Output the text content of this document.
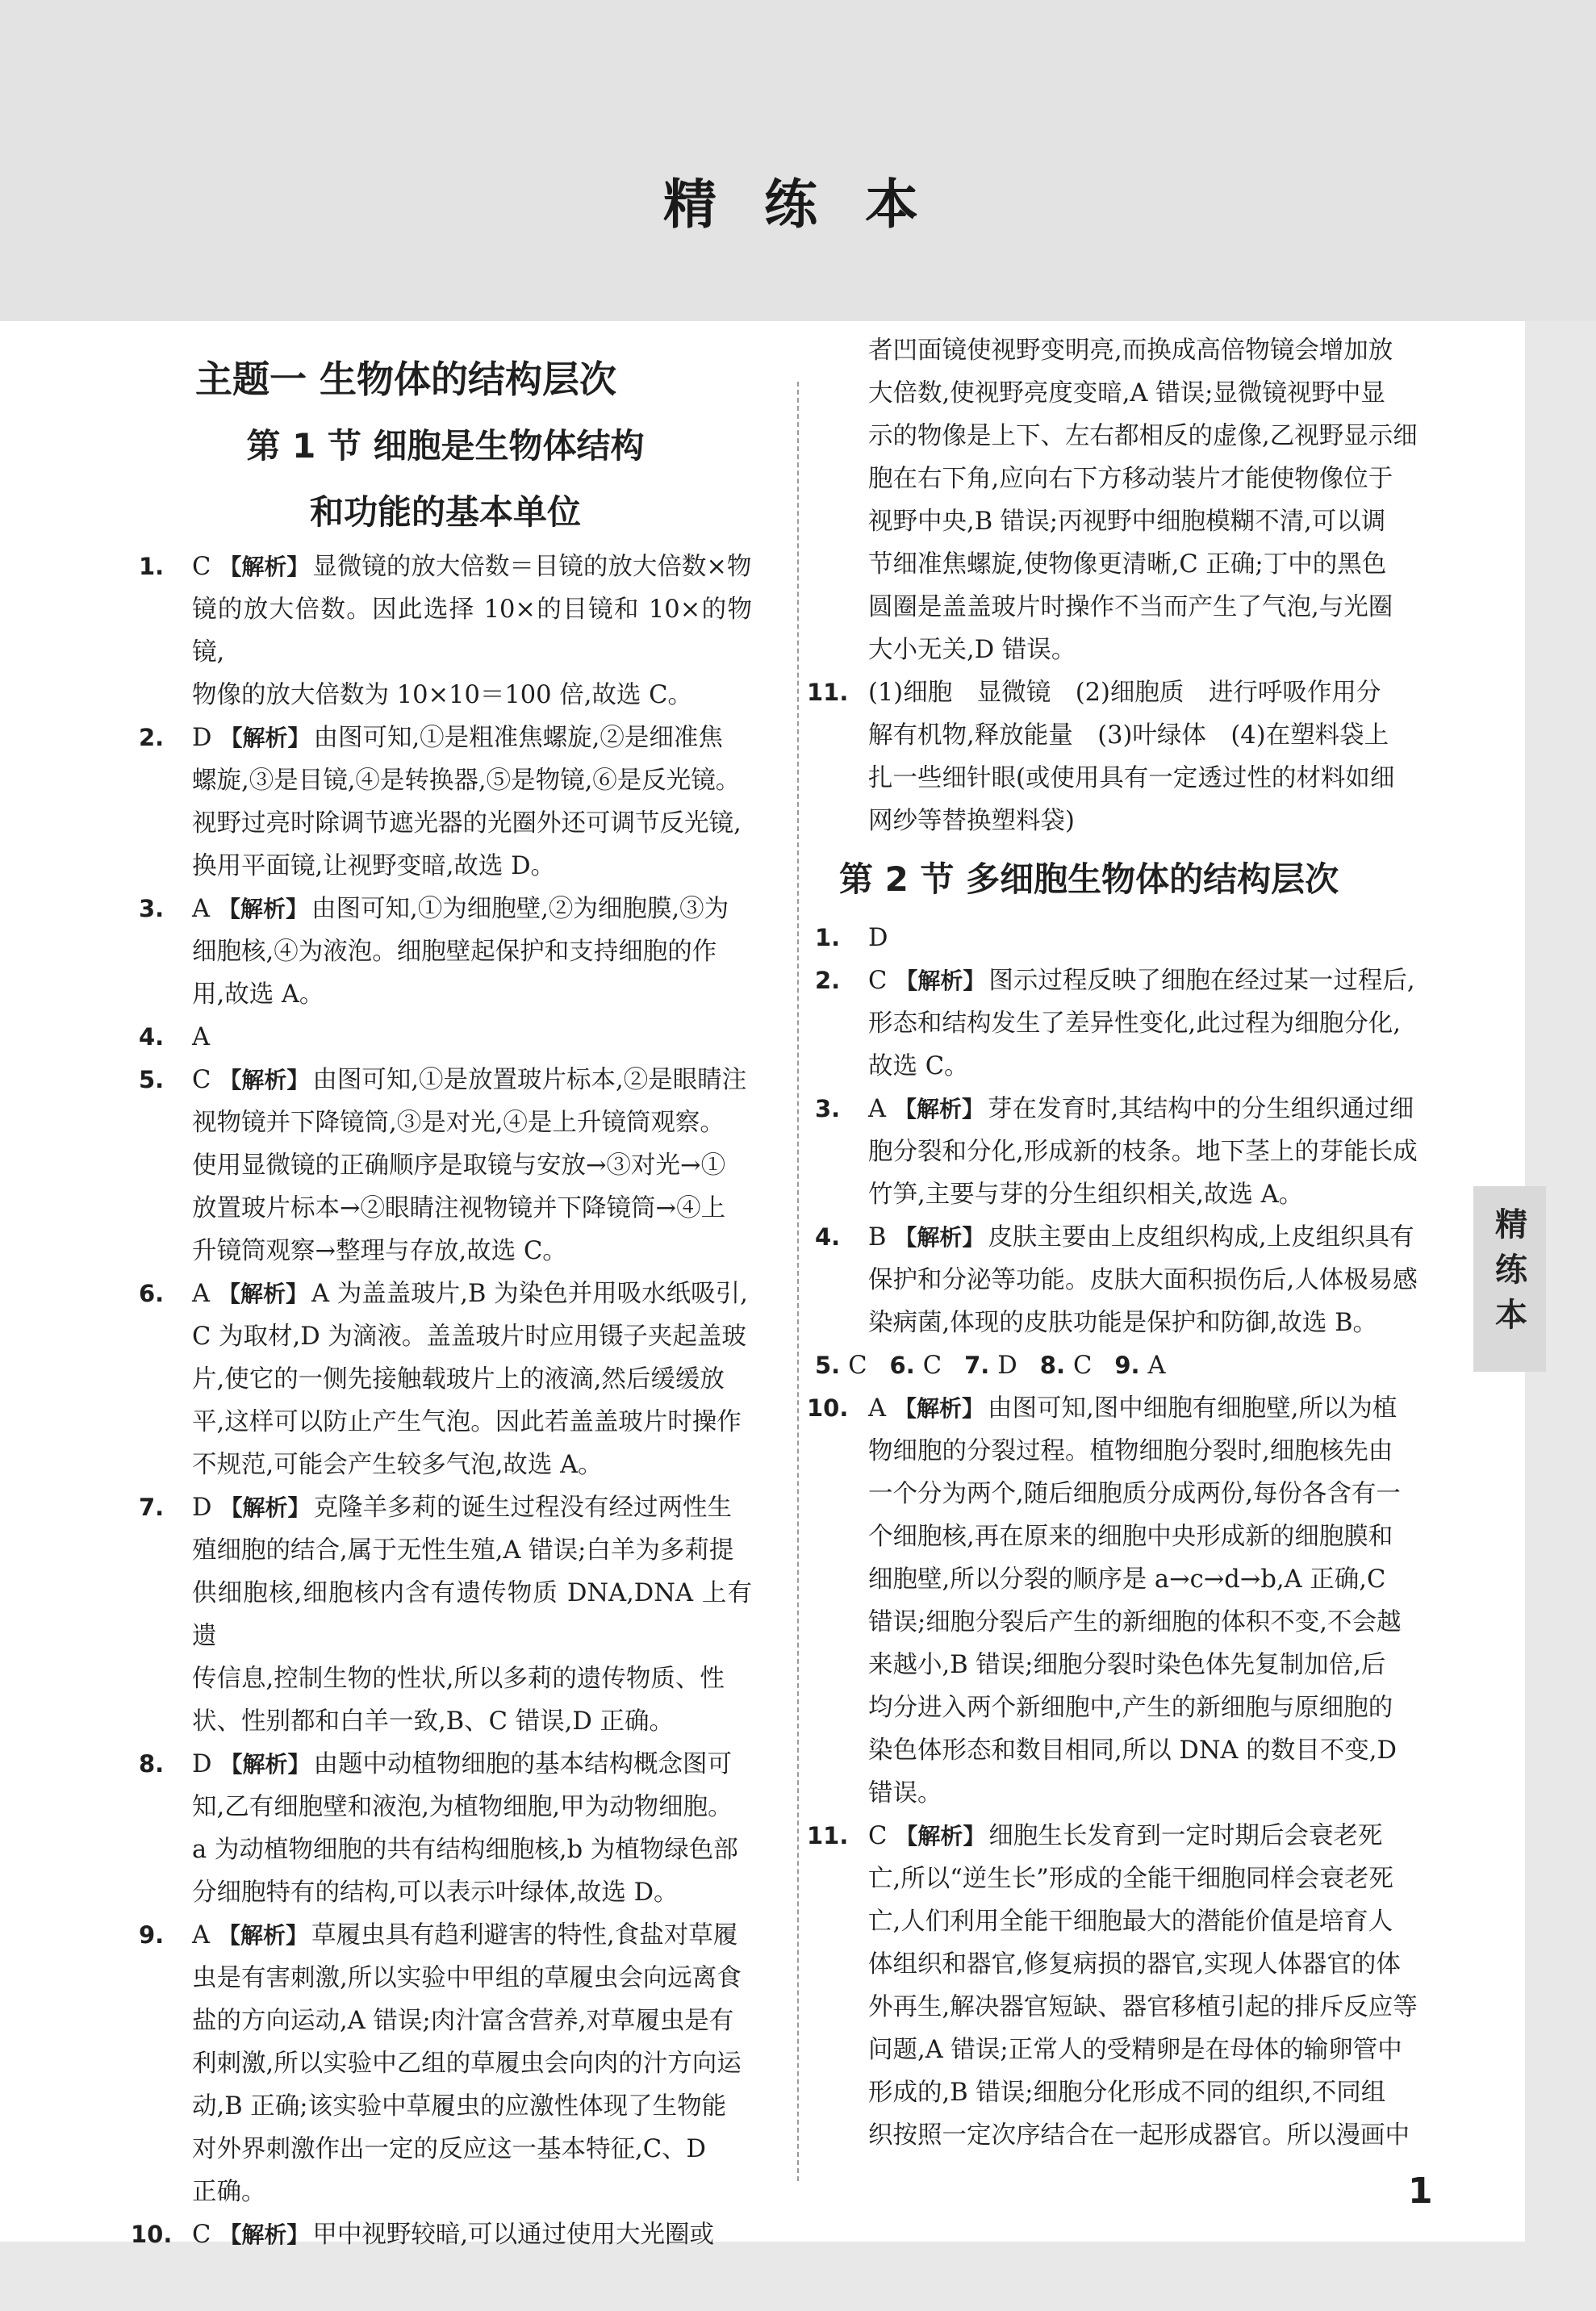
精 练 本
主题一 生物体的结构层次
第 1 节 细胞是生物体结构
和功能的基本单位
1. C 【解析】 显微镜的放大倍数＝目镜的放大倍数×物
镜的放大倍数。因此选择 10×的目镜和 10×的物镜,
物像的放大倍数为 10×10＝100 倍,故选 C。
2. D 【解析】 由图可知,①是粗准焦螺旋,②是细准焦
螺旋,③是目镜,④是转换器,⑤是物镜,⑥是反光镜。
视野过亮时除调节遮光器的光圈外还可调节反光镜,
换用平面镜,让视野变暗,故选 D。
3. A 【解析】 由图可知,①为细胞壁,②为细胞膜,③为
细胞核,④为液泡。细胞壁起保护和支持细胞的作
用,故选 A。
4. A
5. C 【解析】 由图可知,①是放置玻片标本,②是眼睛注
视物镜并下降镜筒,③是对光,④是上升镜筒观察。
使用显微镜的正确顺序是取镜与安放→③对光→①
放置玻片标本→②眼睛注视物镜并下降镜筒→④上
升镜筒观察→整理与存放,故选 C。
6. A 【解析】 A 为盖盖玻片,B 为染色并用吸水纸吸引,
C 为取材,D 为滴液。盖盖玻片时应用镊子夹起盖玻
片,使它的一侧先接触载玻片上的液滴,然后缓缓放
平,这样可以防止产生气泡。因此若盖盖玻片时操作
不规范,可能会产生较多气泡,故选 A。
7. D 【解析】 克隆羊多莉的诞生过程没有经过两性生
殖细胞的结合,属于无性生殖,A 错误;白羊为多莉提
供细胞核,细胞核内含有遗传物质 DNA,DNA 上有遗
传信息,控制生物的性状,所以多莉的遗传物质、性
状、性别都和白羊一致,B、C 错误,D 正确。
8. D 【解析】 由题中动植物细胞的基本结构概念图可
知,乙有细胞壁和液泡,为植物细胞,甲为动物细胞。
a 为动植物细胞的共有结构细胞核,b 为植物绿色部
分细胞特有的结构,可以表示叶绿体,故选 D。
9. A 【解析】 草履虫具有趋利避害的特性,食盐对草履
虫是有害刺激,所以实验中甲组的草履虫会向远离食
盐的方向运动,A 错误;肉汁富含营养,对草履虫是有
利刺激,所以实验中乙组的草履虫会向肉的汁方向运
动,B 正确;该实验中草履虫的应激性体现了生物能
对外界刺激作出一定的反应这一基本特征,C、D
正确。
10. C 【解析】 甲中视野较暗,可以通过使用大光圈或
者凹面镜使视野变明亮,而换成高倍物镜会增加放
大倍数,使视野亮度变暗,A 错误;显微镜视野中显
示的物像是上下、左右都相反的虚像,乙视野显示细
胞在右下角,应向右下方移动装片才能使物像位于
视野中央,B 错误;丙视野中细胞模糊不清,可以调
节细准焦螺旋,使物像更清晰,C 正确;丁中的黑色
圆圈是盖盖玻片时操作不当而产生了气泡,与光圈
大小无关,D 错误。
11. (1)细胞　显微镜　(2)细胞质　进行呼吸作用分
解有机物,释放能量　(3)叶绿体　(4)在塑料袋上
扎一些细针眼(或使用具有一定透过性的材料如细
网纱等替换塑料袋)
第 2 节 多细胞生物体的结构层次
1. D
2. C 【解析】 图示过程反映了细胞在经过某一过程后,
形态和结构发生了差异性变化,此过程为细胞分化,
故选 C。
3. A 【解析】 芽在发育时,其结构中的分生组织通过细
胞分裂和分化,形成新的枝条。地下茎上的芽能长成
竹笋,主要与芽的分生组织相关,故选 A。
4. B 【解析】 皮肤主要由上皮组织构成,上皮组织具有
保护和分泌等功能。皮肤大面积损伤后,人体极易感
染病菌,体现的皮肤功能是保护和防御,故选 B。
5. C 6. C 7. D 8. C 9. A
10. A 【解析】 由图可知,图中细胞有细胞壁,所以为植
物细胞的分裂过程。植物细胞分裂时,细胞核先由
一个分为两个,随后细胞质分成两份,每份各含有一
个细胞核,再在原来的细胞中央形成新的细胞膜和
细胞壁,所以分裂的顺序是 a→c→d→b,A 正确,C
错误;细胞分裂后产生的新细胞的体积不变,不会越
来越小,B 错误;细胞分裂时染色体先复制加倍,后
均分进入两个新细胞中,产生的新细胞与原细胞的
染色体形态和数目相同,所以 DNA 的数目不变,D
错误。
11. C 【解析】 细胞生长发育到一定时期后会衰老死
亡,所以“逆生长”形成的全能干细胞同样会衰老死
亡,人们利用全能干细胞最大的潜能价值是培育人
体组织和器官,修复病损的器官,实现人体器官的体
外再生,解决器官短缺、器官移植引起的排斥反应等
问题,A 错误;正常人的受精卵是在母体的输卵管中
形成的,B 错误;细胞分化形成不同的组织,不同组
织按照一定次序结合在一起形成器官。所以漫画中
精练本
1
